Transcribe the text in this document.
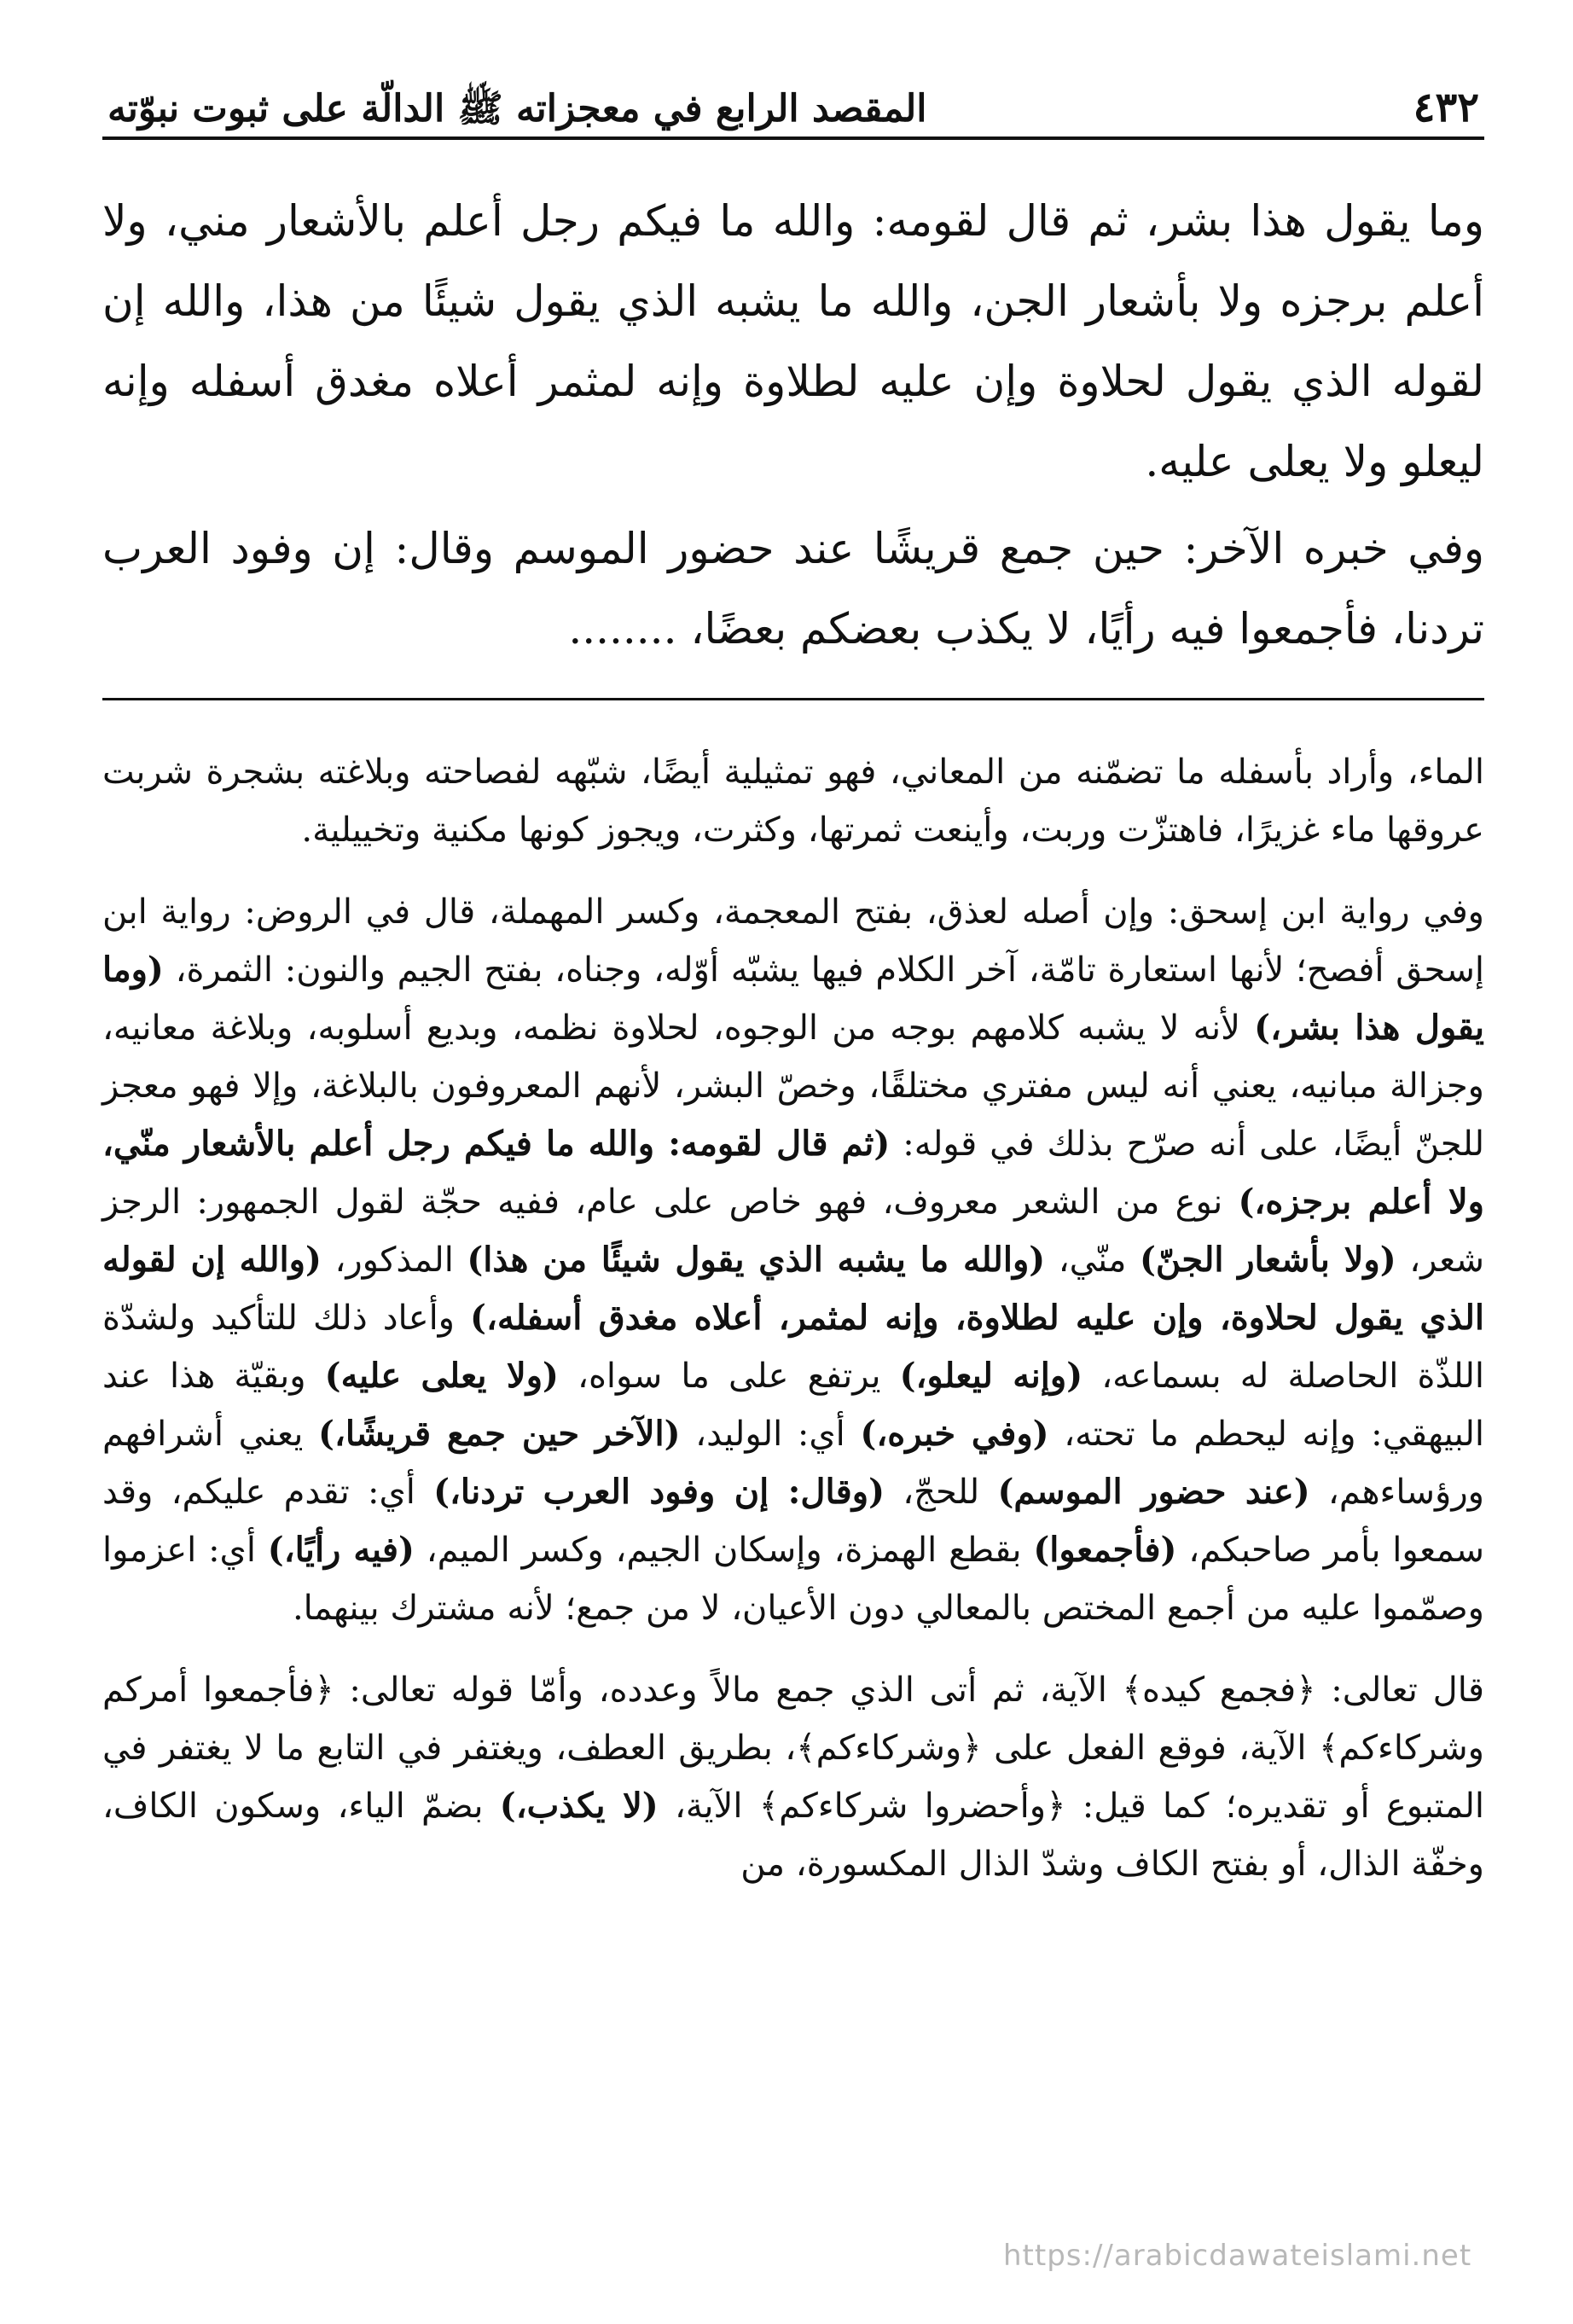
٤٣٢
المقصد الرابع في معجزاته ﷺ الدالّة على ثبوت نبوّته

وما يقول هذا بشر، ثم قال لقومه: والله ما فيكم رجل أعلم بالأشعار مني، ولا أعلم برجزه ولا بأشعار الجن، والله ما يشبه الذي يقول شيئًا من هذا، والله إن لقوله الذي يقول لحلاوة وإن عليه لطلاوة وإنه لمثمر أعلاه مغدق أسفله وإنه ليعلو ولا يعلى عليه.

وفي خبره الآخر: حين جمع قريشًا عند حضور الموسم وقال: إن وفود العرب تردنا، فأجمعوا فيه رأيًا، لا يكذب بعضكم بعضًا، ........

الماء، وأراد بأسفله ما تضمّنه من المعاني، فهو تمثيلية أيضًا، شبّهه لفصاحته وبلاغته بشجرة شربت عروقها ماء غزيرًا، فاهتزّت وربت، وأينعت ثمرتها، وكثرت، ويجوز كونها مكنية وتخييلية.

وفي رواية ابن إسحق: وإن أصله لعذق، بفتح المعجمة، وكسر المهملة، قال في الروض: رواية ابن إسحق أفصح؛ لأنها استعارة تامّة، آخر الكلام فيها يشبّه أوّله، وجناه، بفتح الجيم والنون: الثمرة، (وما يقول هذا بشر،) لأنه لا يشبه كلامهم بوجه من الوجوه، لحلاوة نظمه، وبديع أسلوبه، وبلاغة معانيه، وجزالة مبانيه، يعني أنه ليس مفتري مختلقًا، وخصّ البشر، لأنهم المعروفون بالبلاغة، وإلا فهو معجز للجنّ أيضًا، على أنه صرّح بذلك في قوله: (ثم قال لقومه: والله ما فيكم رجل أعلم بالأشعار منّي، ولا أعلم برجزه،) نوع من الشعر معروف، فهو خاص على عام، ففيه حجّة لقول الجمهور: الرجز شعر، (ولا بأشعار الجنّ) منّي، (والله ما يشبه الذي يقول شيئًا من هذا) المذكور، (والله إن لقوله الذي يقول لحلاوة، وإن عليه لطلاوة، وإنه لمثمر، أعلاه مغدق أسفله،) وأعاد ذلك للتأكيد ولشدّة اللذّة الحاصلة له بسماعه، (وإنه ليعلو،) يرتفع على ما سواه، (ولا يعلى عليه) وبقيّة هذا عند البيهقي: وإنه ليحطم ما تحته، (وفي خبره،) أي: الوليد، (الآخر حين جمع قريشًا،) يعني أشرافهم ورؤساءهم، (عند حضور الموسم) للحجّ، (وقال: إن وفود العرب تردنا،) أي: تقدم عليكم، وقد سمعوا بأمر صاحبكم، (فأجمعوا) بقطع الهمزة، وإسكان الجيم، وكسر الميم، (فيه رأيًا،) أي: اعزموا وصمّموا عليه من أجمع المختص بالمعالي دون الأعيان، لا من جمع؛ لأنه مشترك بينهما.

قال تعالى: ﴿فجمع كيده﴾ الآية، ثم أتى الذي جمع مالاً وعدده، وأمّا قوله تعالى: ﴿فأجمعوا أمركم وشركاءكم﴾ الآية، فوقع الفعل على ﴿وشركاءكم﴾، بطريق العطف، ويغتفر في التابع ما لا يغتفر في المتبوع أو تقديره؛ كما قيل: ﴿وأحضروا شركاءكم﴾ الآية، (لا يكذب،) بضمّ الياء، وسكون الكاف، وخفّة الذال، أو بفتح الكاف وشدّ الذال المكسورة، من

https://arabicdawateislami.net
